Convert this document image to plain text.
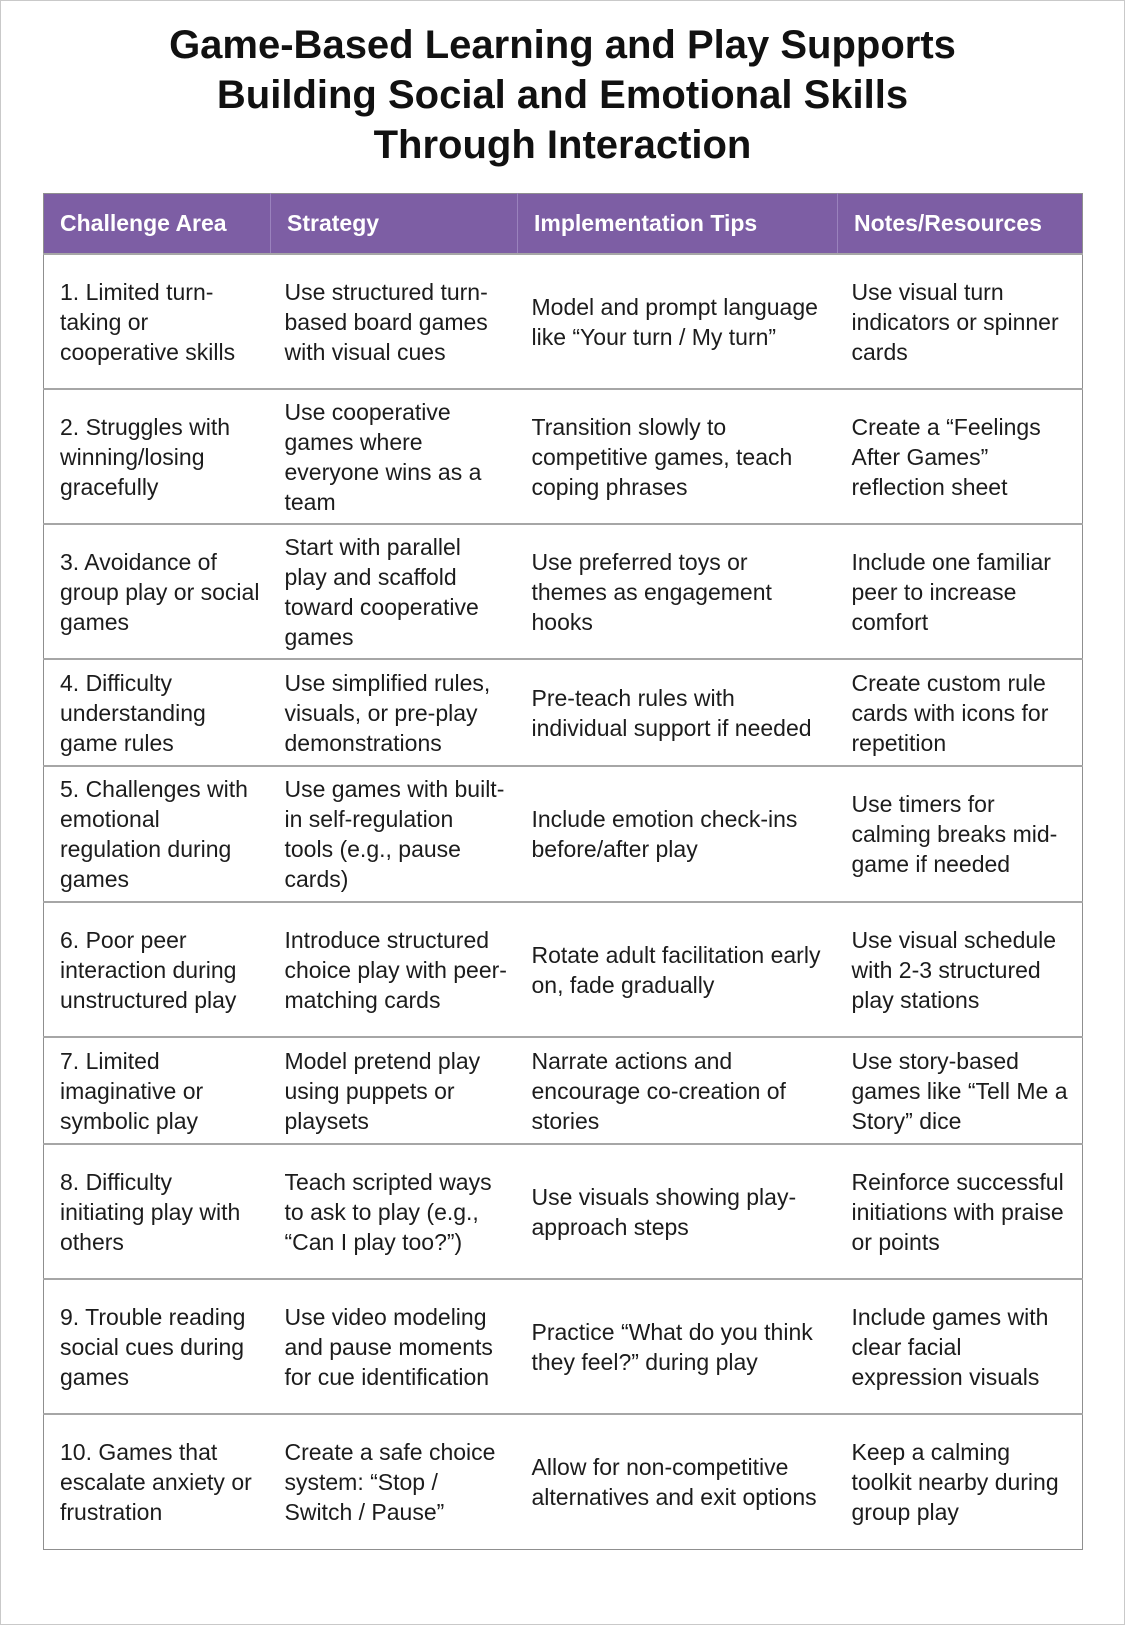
Game-Based Learning and Play Supports
Building Social and Emotional Skills
Through Interaction
Challenge Area	Strategy	Implementation Tips	Notes/Resources
1. Limited turn-taking or cooperative skills	Use structured turn-based board games with visual cues	Model and prompt language like “Your turn / My turn”	Use visual turn indicators or spinner cards
2. Struggles with winning/losing gracefully	Use cooperative games where everyone wins as a team	Transition slowly to competitive games, teach coping phrases	Create a “Feelings After Games” reflection sheet
3. Avoidance of group play or social games	Start with parallel play and scaffold toward cooperative games	Use preferred toys or themes as engagement hooks	Include one familiar peer to increase comfort
4. Difficulty understanding game rules	Use simplified rules, visuals, or pre-play demonstrations	Pre-teach rules with individual support if needed	Create custom rule cards with icons for repetition
5. Challenges with emotional regulation during games	Use games with built-in self-regulation tools (e.g., pause cards)	Include emotion check-ins before/after play	Use timers for calming breaks mid-game if needed
6. Poor peer interaction during unstructured play	Introduce structured choice play with peer-matching cards	Rotate adult facilitation early on, fade gradually	Use visual schedule with 2-3 structured play stations
7. Limited imaginative or symbolic play	Model pretend play using puppets or playsets	Narrate actions and encourage co-creation of stories	Use story-based games like “Tell Me a Story” dice
8. Difficulty initiating play with others	Teach scripted ways to ask to play (e.g., “Can I play too?”)	Use visuals showing play-approach steps	Reinforce successful initiations with praise or points
9. Trouble reading social cues during games	Use video modeling and pause moments for cue identification	Practice “What do you think they feel?” during play	Include games with clear facial expression visuals
10. Games that escalate anxiety or frustration	Create a safe choice system: “Stop / Switch / Pause”	Allow for non-competitive alternatives and exit options	Keep a calming toolkit nearby during group play
